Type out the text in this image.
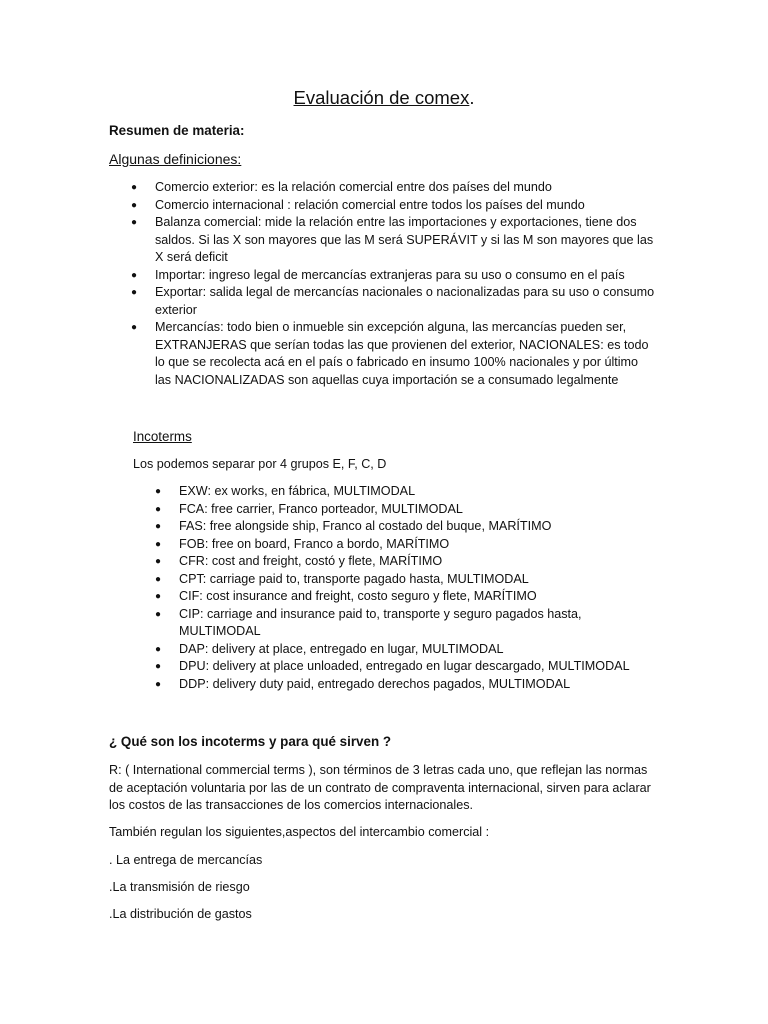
Evaluación de comex.

Resumen de materia:

Algunas definiciones:

● Comercio exterior: es la relación comercial entre dos países del mundo
● Comercio internacional : relación comercial entre todos los países del mundo
● Balanza comercial: mide la relación entre las importaciones y exportaciones, tiene dos saldos. Si las X son mayores que las M será SUPERÁVIT y si las M son mayores que las X será deficit
● Importar: ingreso legal de mercancías extranjeras para su uso o consumo en el país
● Exportar: salida legal de mercancías nacionales o nacionalizadas para su uso o consumo exterior
● Mercancías: todo bien o inmueble sin excepción alguna, las mercancías pueden ser, EXTRANJERAS que serían todas las que provienen del exterior, NACIONALES: es todo lo que se recolecta acá en el país o fabricado en insumo 100% nacionales y por último las NACIONALIZADAS son aquellas cuya importación se a consumado legalmente

Incoterms

Los podemos separar por 4 grupos E, F, C, D

● EXW: ex works, en fábrica, MULTIMODAL
● FCA: free carrier, Franco porteador, MULTIMODAL
● FAS: free alongside ship, Franco al costado del buque, MARÍTIMO
● FOB: free on board, Franco a bordo, MARÍTIMO
● CFR: cost and freight, costó y flete, MARÍTIMO
● CPT: carriage paid to, transporte pagado hasta, MULTIMODAL
● CIF: cost insurance and freight, costo seguro y flete, MARÍTIMO
● CIP: carriage and insurance paid to, transporte y seguro pagados hasta, MULTIMODAL
● DAP: delivery at place, entregado en lugar, MULTIMODAL
● DPU: delivery at place unloaded, entregado en lugar descargado, MULTIMODAL
● DDP: delivery duty paid, entregado derechos pagados, MULTIMODAL

¿ Qué son los incoterms y para qué sirven ?

R: ( International commercial terms ), son términos de 3 letras cada uno, que reflejan las normas de aceptación voluntaria por las de un contrato de compraventa internacional, sirven para aclarar los costos de las transacciones de los comercios internacionales.

También regulan los siguientes,aspectos del intercambio comercial :

. La entrega de mercancías

.La transmisión de riesgo

.La distribución de gastos
